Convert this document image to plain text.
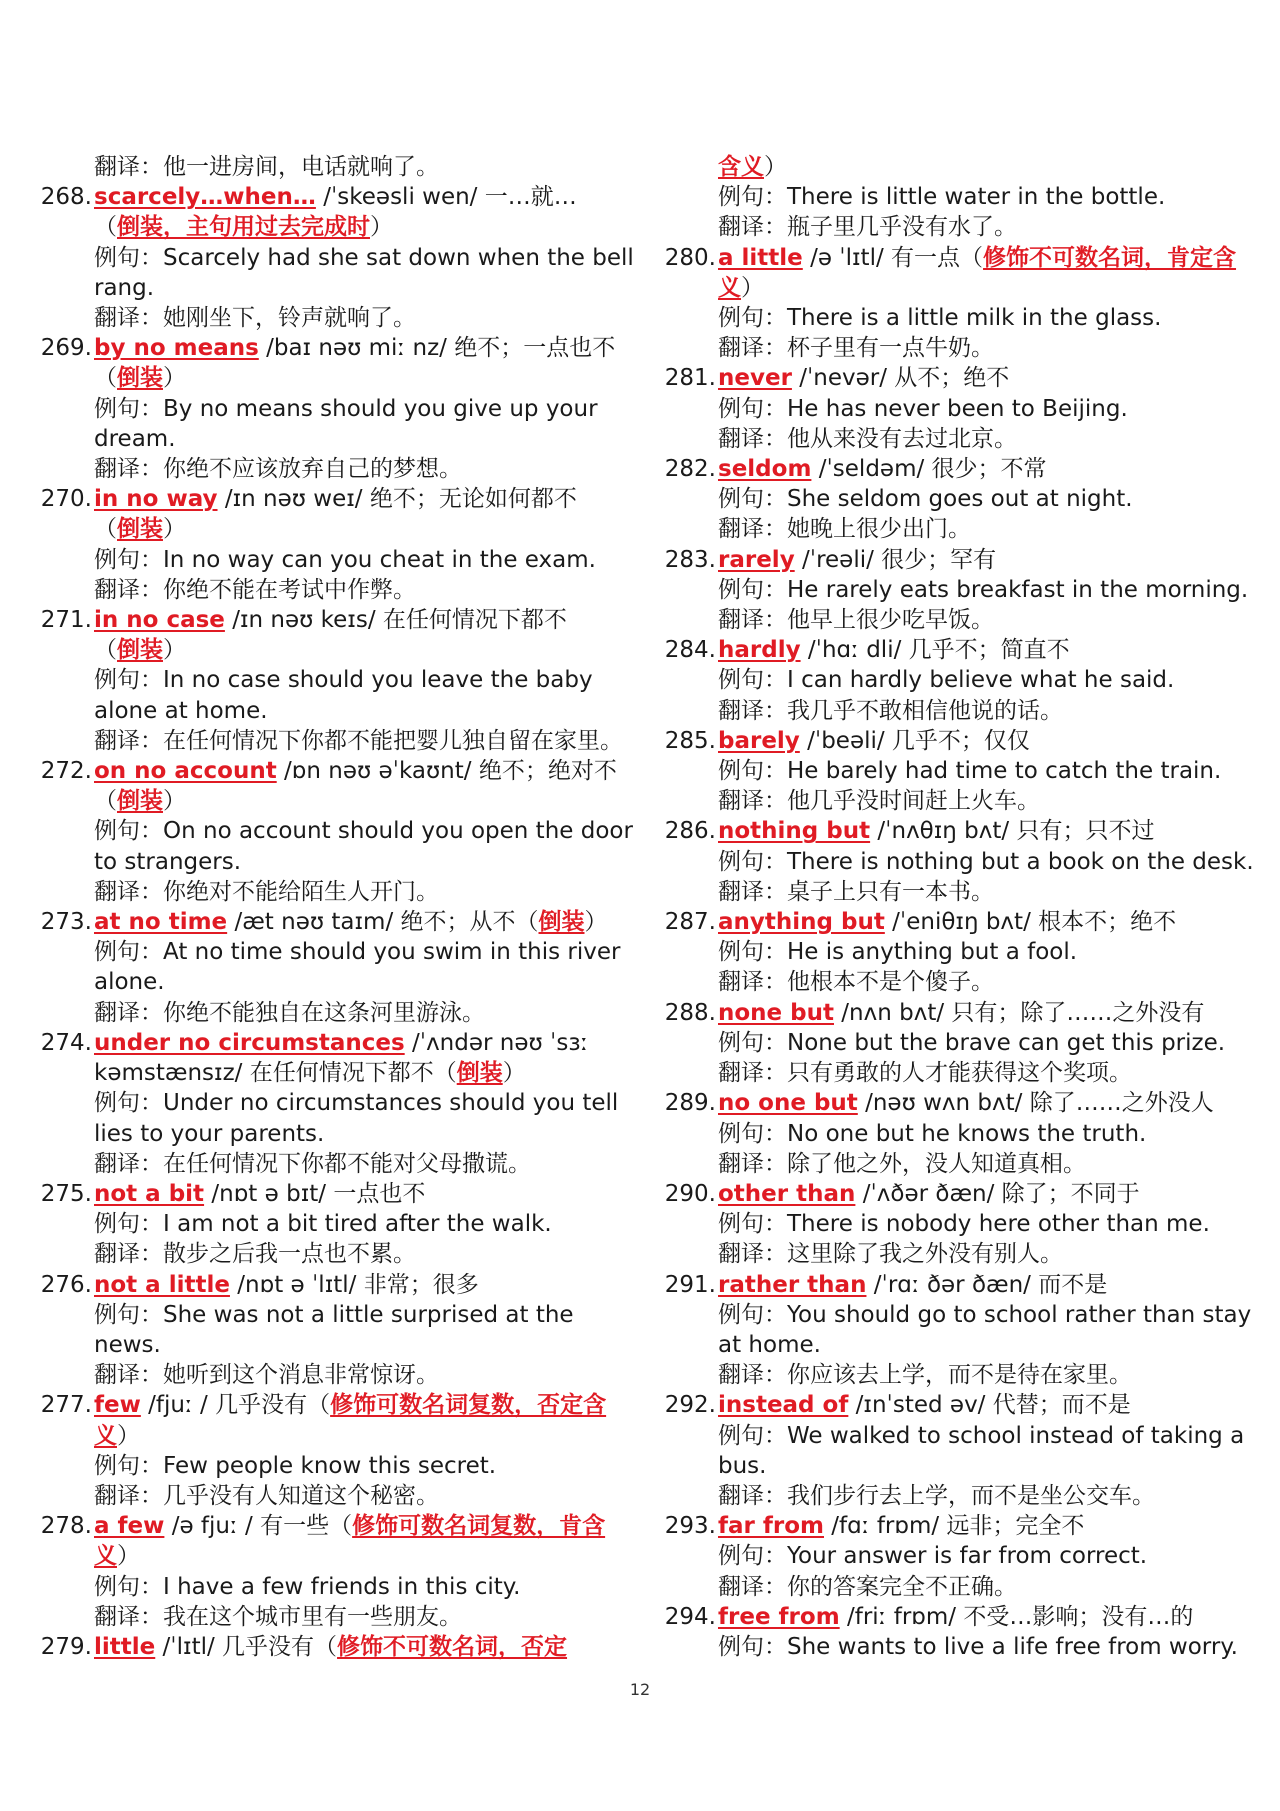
翻译：他一进房间，电话就响了。
268. scarcely…when… /ˈskeəsli wen/ 一…就…
（倒装，主句用过去完成时）
例句：Scarcely had she sat down when the bell rang.
翻译：她刚坐下，铃声就响了。
269. by no means /baɪ nəʊ miː nz/ 绝不；一点也不（倒装）
例句：By no means should you give up your dream.
翻译：你绝不应该放弃自己的梦想。
270. in no way /ɪn nəʊ weɪ/ 绝不；无论如何都不
（倒装）
例句：In no way can you cheat in the exam.
翻译：你绝不能在考试中作弊。
271. in no case /ɪn nəʊ keɪs/ 在任何情况下都不
（倒装）
例句：In no case should you leave the baby alone at home.
翻译：在任何情况下你都不能把婴儿独自留在家里。
272. on no account /ɒn nəʊ əˈkaʊnt/ 绝不；绝对不
（倒装）
例句：On no account should you open the door to strangers.
翻译：你绝对不能给陌生人开门。
273. at no time /æt nəʊ taɪm/ 绝不；从不（倒装）
例句：At no time should you swim in this river alone.
翻译：你绝不能独自在这条河里游泳。
274. under no circumstances /ˈʌndər nəʊ ˈsɜː kəmstænsɪz/ 在任何情况下都不（倒装）
例句：Under no circumstances should you tell lies to your parents.
翻译：在任何情况下你都不能对父母撒谎。
275. not a bit /nɒt ə bɪt/ 一点也不
例句：I am not a bit tired after the walk.
翻译：散步之后我一点也不累。
276. not a little /nɒt ə ˈlɪtl/ 非常；很多
例句：She was not a little surprised at the news.
翻译：她听到这个消息非常惊讶。
277. few /fjuː / 几乎没有（修饰可数名词复数，否定含义）
例句：Few people know this secret.
翻译：几乎没有人知道这个秘密。
278. a few /ə fjuː / 有一些（修饰可数名词复数，肯含义）
例句：I have a few friends in this city.
翻译：我在这个城市里有一些朋友。
279. little /ˈlɪtl/ 几乎没有（修饰不可数名词，否定
含义）
例句：There is little water in the bottle.
翻译：瓶子里几乎没有水了。
280. a little /ə ˈlɪtl/ 有一点（修饰不可数名词，肯定含义）
例句：There is a little milk in the glass.
翻译：杯子里有一点牛奶。
281. never /ˈnevər/ 从不；绝不
例句：He has never been to Beijing.
翻译：他从来没有去过北京。
282. seldom /ˈseldəm/ 很少；不常
例句：She seldom goes out at night.
翻译：她晚上很少出门。
283. rarely /ˈreəli/ 很少；罕有
例句：He rarely eats breakfast in the morning.
翻译：他早上很少吃早饭。
284. hardly /ˈhɑː dli/ 几乎不；简直不
例句：I can hardly believe what he said.
翻译：我几乎不敢相信他说的话。
285. barely /ˈbeəli/ 几乎不；仅仅
例句：He barely had time to catch the train.
翻译：他几乎没时间赶上火车。
286. nothing but /ˈnʌθɪŋ bʌt/ 只有；只不过
例句：There is nothing but a book on the desk.
翻译：桌子上只有一本书。
287. anything but /ˈeniθɪŋ bʌt/ 根本不；绝不
例句：He is anything but a fool.
翻译：他根本不是个傻子。
288. none but /nʌn bʌt/ 只有；除了……之外没有
例句：None but the brave can get this prize.
翻译：只有勇敢的人才能获得这个奖项。
289. no one but /nəʊ wʌn bʌt/ 除了……之外没人
例句：No one but he knows the truth.
翻译：除了他之外，没人知道真相。
290. other than /ˈʌðər ðæn/ 除了；不同于
例句：There is nobody here other than me.
翻译：这里除了我之外没有别人。
291. rather than /ˈrɑː ðər ðæn/ 而不是
例句：You should go to school rather than stay at home.
翻译：你应该去上学，而不是待在家里。
292. instead of /ɪnˈsted əv/ 代替；而不是
例句：We walked to school instead of taking a bus.
翻译：我们步行去上学，而不是坐公交车。
293. far from /fɑː frɒm/ 远非；完全不
例句：Your answer is far from correct.
翻译：你的答案完全不正确。
294. free from /friː frɒm/ 不受…影响；没有…的
例句：She wants to live a life free from worry.
12
